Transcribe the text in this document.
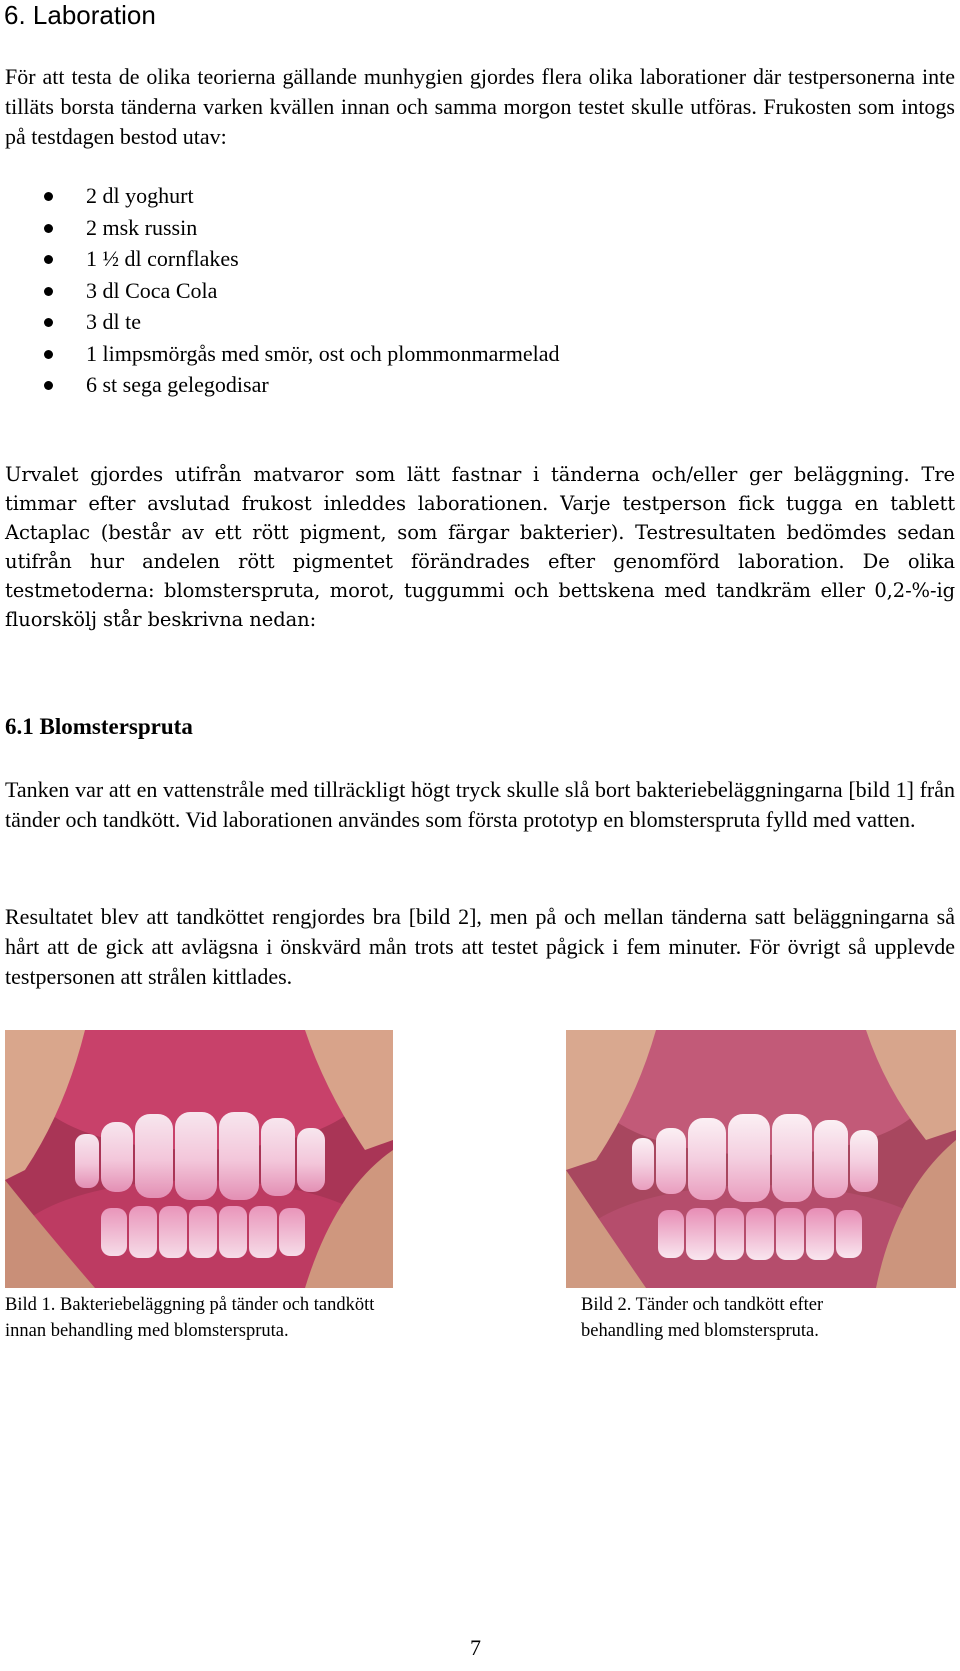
6. Laboration

För att testa de olika teorierna gällande munhygien gjordes flera olika laborationer där testpersonerna inte tilläts borsta tänderna varken kvällen innan och samma morgon testet skulle utföras. Frukosten som intogs på testdagen bestod utav:

2 dl yoghurt
2 msk russin
1 ½ dl cornflakes
3 dl Coca Cola
3 dl te
1 limpsmörgås med smör, ost och plommonmarmelad
6 st sega gelegodisar

Urvalet gjordes utifrån matvaror som lätt fastnar i tänderna och/eller ger beläggning. Tre timmar efter avslutad frukost inleddes laborationen. Varje testperson fick tugga en tablett Actaplac (består av ett rött pigment, som färgar bakterier). Testresultaten bedömdes sedan utifrån hur andelen rött pigmentet förändrades efter genomförd laboration. De olika testmetoderna: blomsterspruta, morot, tuggummi och bettskena med tandkräm eller 0,2-%-ig fluorskölj står beskrivna nedan:

6.1 Blomsterspruta

Tanken var att en vattenstråle med tillräckligt högt tryck skulle slå bort bakteriebeläggningarna [bild 1] från tänder och tandkött. Vid laborationen användes som första prototyp en blomsterspruta fylld med vatten.

Resultatet blev att tandköttet rengjordes bra [bild 2], men på och mellan tänderna satt beläggningarna så hårt att de gick att avlägsna i önskvärd mån trots att testet pågick i fem minuter. För övrigt så upplevde testpersonen att strålen kittlades.

Bild 1. Bakteriebeläggning på tänder och tandkött innan behandling med blomsterspruta.

Bild 2. Tänder och tandkött efter behandling med blomsterspruta.

7
